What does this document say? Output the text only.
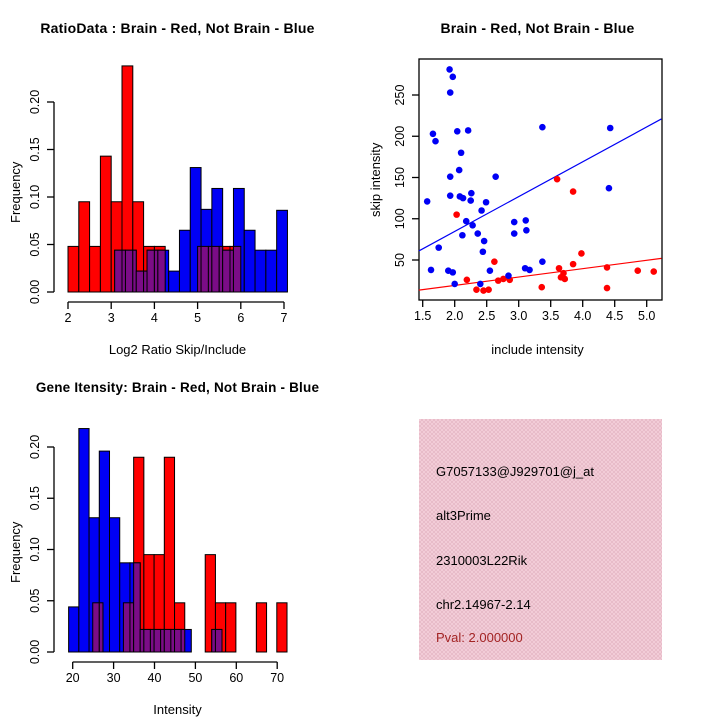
0.00
0.05
0.10
0.15
0.20
2	3	4	5	6	7
RatioData : Brain - Red, Not Brain - Blue
Frequency
Log2 Ratio Skip/Include
1.5 2.0 2.5 3.0 3.5 4.0 4.5 5.0
50
100
150
200
250
Brain - Red, Not Brain - Blue
skip intensity
include intensity
0.00
0.05
0.10
0.15
0.20
20 30 40 50 60 70
Gene Itensity: Brain - Red, Not Brain - Blue
Frequency
Intensity
G7057133@J929701@j_at
alt3Prime
2310003L22Rik
chr2.14967-2.14
Pval: 2.000000
